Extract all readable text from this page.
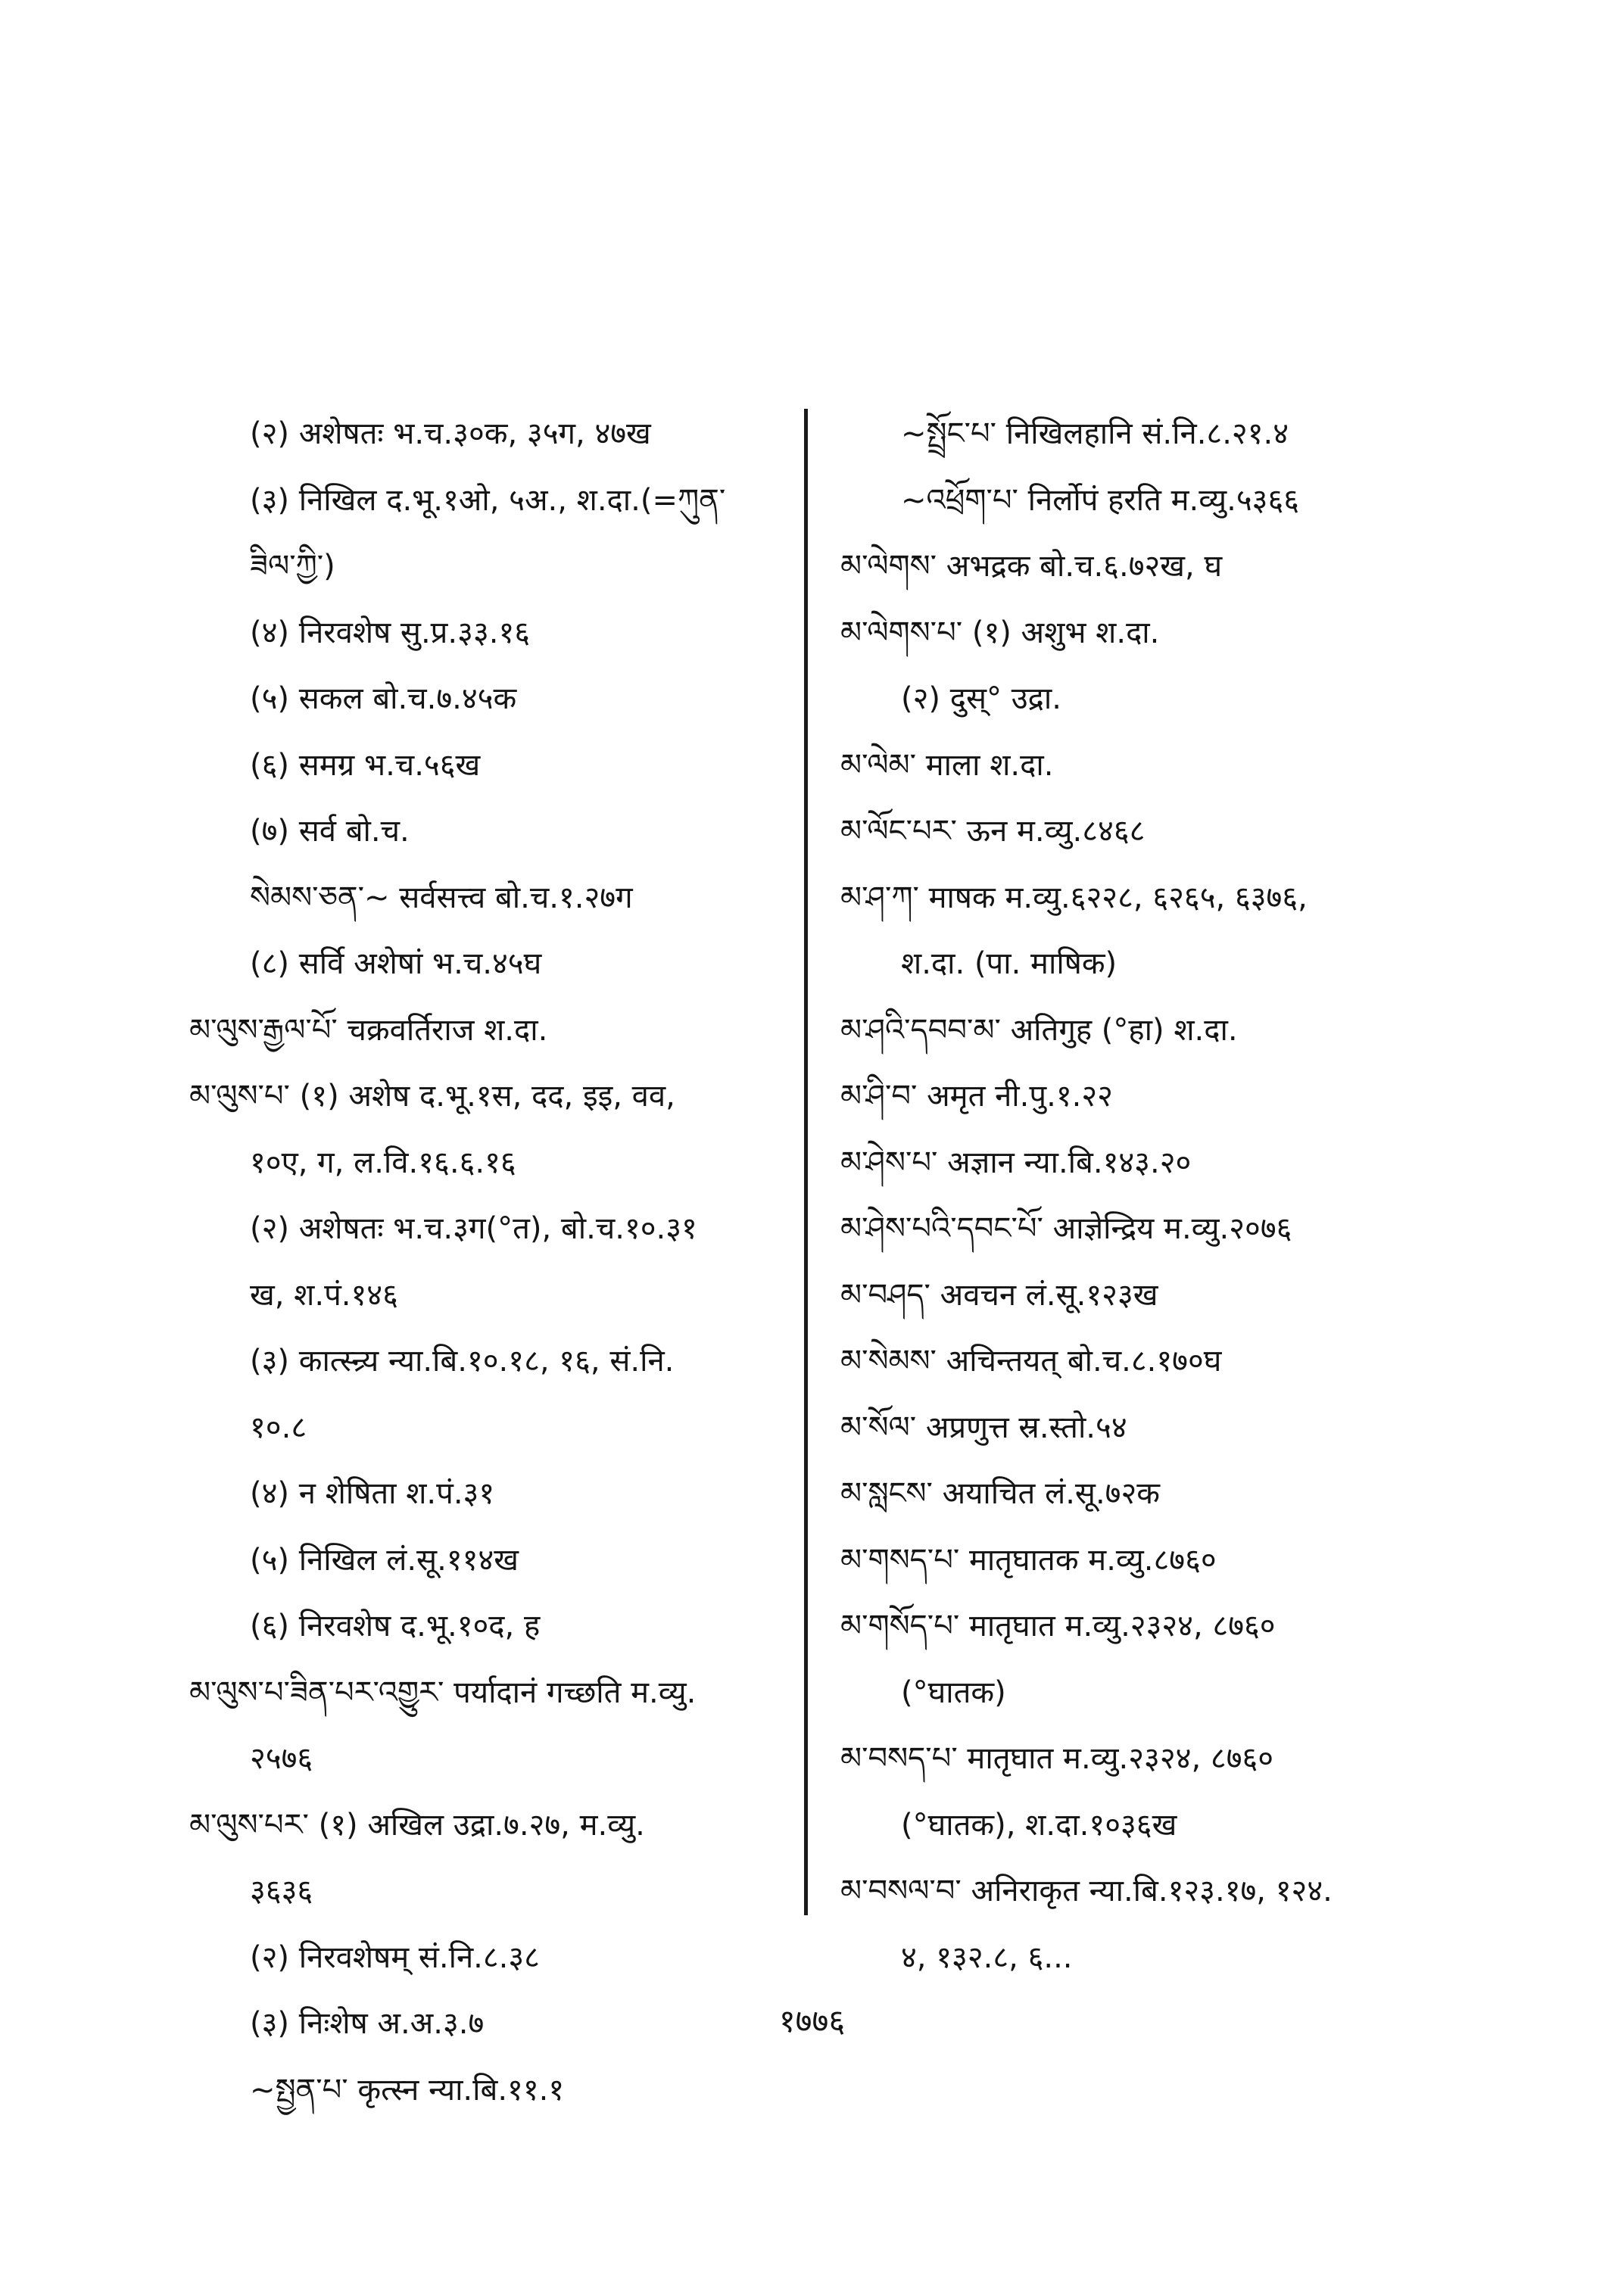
(२) अशेषतः भ.च.३०क, ३५ग, ४७ख
(३) निखिल द.भू.१ओ, ५अ., श.दा.(=ཀུན་
ཟིལ་ཀྱི་)
(४) निरवशेष सु.प्र.३३.१६
(५) सकल बो.च.७.४५क
(६) समग्र भ.च.५६ख
(७) सर्व बो.च.
སེམས་ཅན་~ सर्वसत्त्व बो.च.१.२७ग
(८) सर्वि अशेषां भ.च.४५घ
མ་ལུས་རྒྱལ་པོ་ चक्रवर्तिराज श.दा.
མ་ལུས་པ་ (१) अशेष द.भू.१स, दद, इइ, वव,
१०ए, ग, ल.वि.१६.६.१६
(२) अशेषतः भ.च.३ग(°त), बो.च.१०.३१
ख, श.पं.१४६
(३) कात्स्न्र्य न्या.बि.१०.१८, १६, सं.नि.
१०.८
(४) न शेषिता श.पं.३१
(५) निखिल लं.सू.११४ख
(६) निरवशेष द.भू.१०द, ह
མ་ལུས་པ་ཟིན་པར་འགྱུར་ पर्यादानं गच्छति म.व्यु.
२५७६
མ་ལུས་པར་ (१) अखिल उद्रा.७.२७, म.व्यु.
३६३६
(२) निरवशेषम् सं.नि.८.३८
(३) निःशेष अ.अ.३.७
~སྤྱན་པ་ कृत्स्न न्या.बि.११.१
~སྤྲོང་པ་ निखिलहानि सं.नि.८.२१.४
~འཕྲོག་པ་ निर्लोपं हरति म.व्यु.५३६६
མ་ལེགས་ अभद्रक बो.च.६.७२ख, घ
མ་ལེགས་པ་ (१) अशुभ श.दा.
(२) दुस्° उद्रा.
མ་ལེམ་ माला श.दा.
མ་ལོང་པར་ ऊन म.व्यु.८४६८
མ་ཤ་ཀ་ माषक म.व्यु.६२२८, ६२६५, ६३७६,
श.दा. (पा. माषिक)
མ་ཤའི་དབབ་མ་ अतिगुह (°हा) श.दा.
མ་ཤི་བ་ अमृत नी.पु.१.२२
མ་ཤེས་པ་ अज्ञान न्या.बि.१४३.२०
མ་ཤེས་པའི་དབང་པོ་ आज्ञेन्द्रिय म.व्यु.२०७६
མ་བཤད་ अवचन लं.सू.१२३ख
མ་སེམས་ अचिन्तयत् बो.च.८.१७०घ
མ་སོལ་ अप्रणुत्त स्र.स्तो.५४
མ་སླངས་ अयाचित लं.सू.७२क
མ་གསད་པ་ मातृघातक म.व्यु.८७६०
མ་གསོད་པ་ मातृघात म.व्यु.२३२४, ८७६०
(°घातक)
མ་བསད་པ་ मातृघात म.व्यु.२३२४, ८७६०
(°घातक), श.दा.१०३६ख
མ་བསལ་བ་ अनिराकृत न्या.बि.१२३.१७, १२४.
४, १३२.८, ६...
१७७६
